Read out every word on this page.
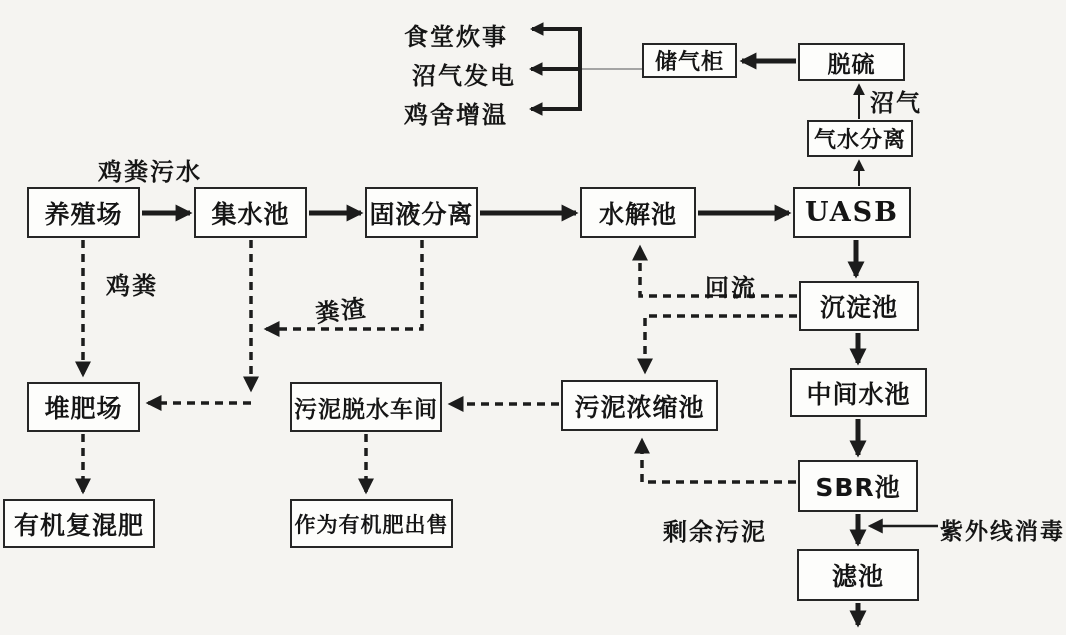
养殖场	集水池	固液分离	水解池	UASB
储气柜	脱硫
气水分离
沉淀池
中间水池
SBR池
滤池
堆肥场
有机复混肥
污泥脱水车间
作为有机肥出售
污泥浓缩池
食堂炊事
沼气发电
鸡舍增温
鸡粪污水
鸡粪
粪渣
回流
沼气
剩余污泥	紫外线消毒
